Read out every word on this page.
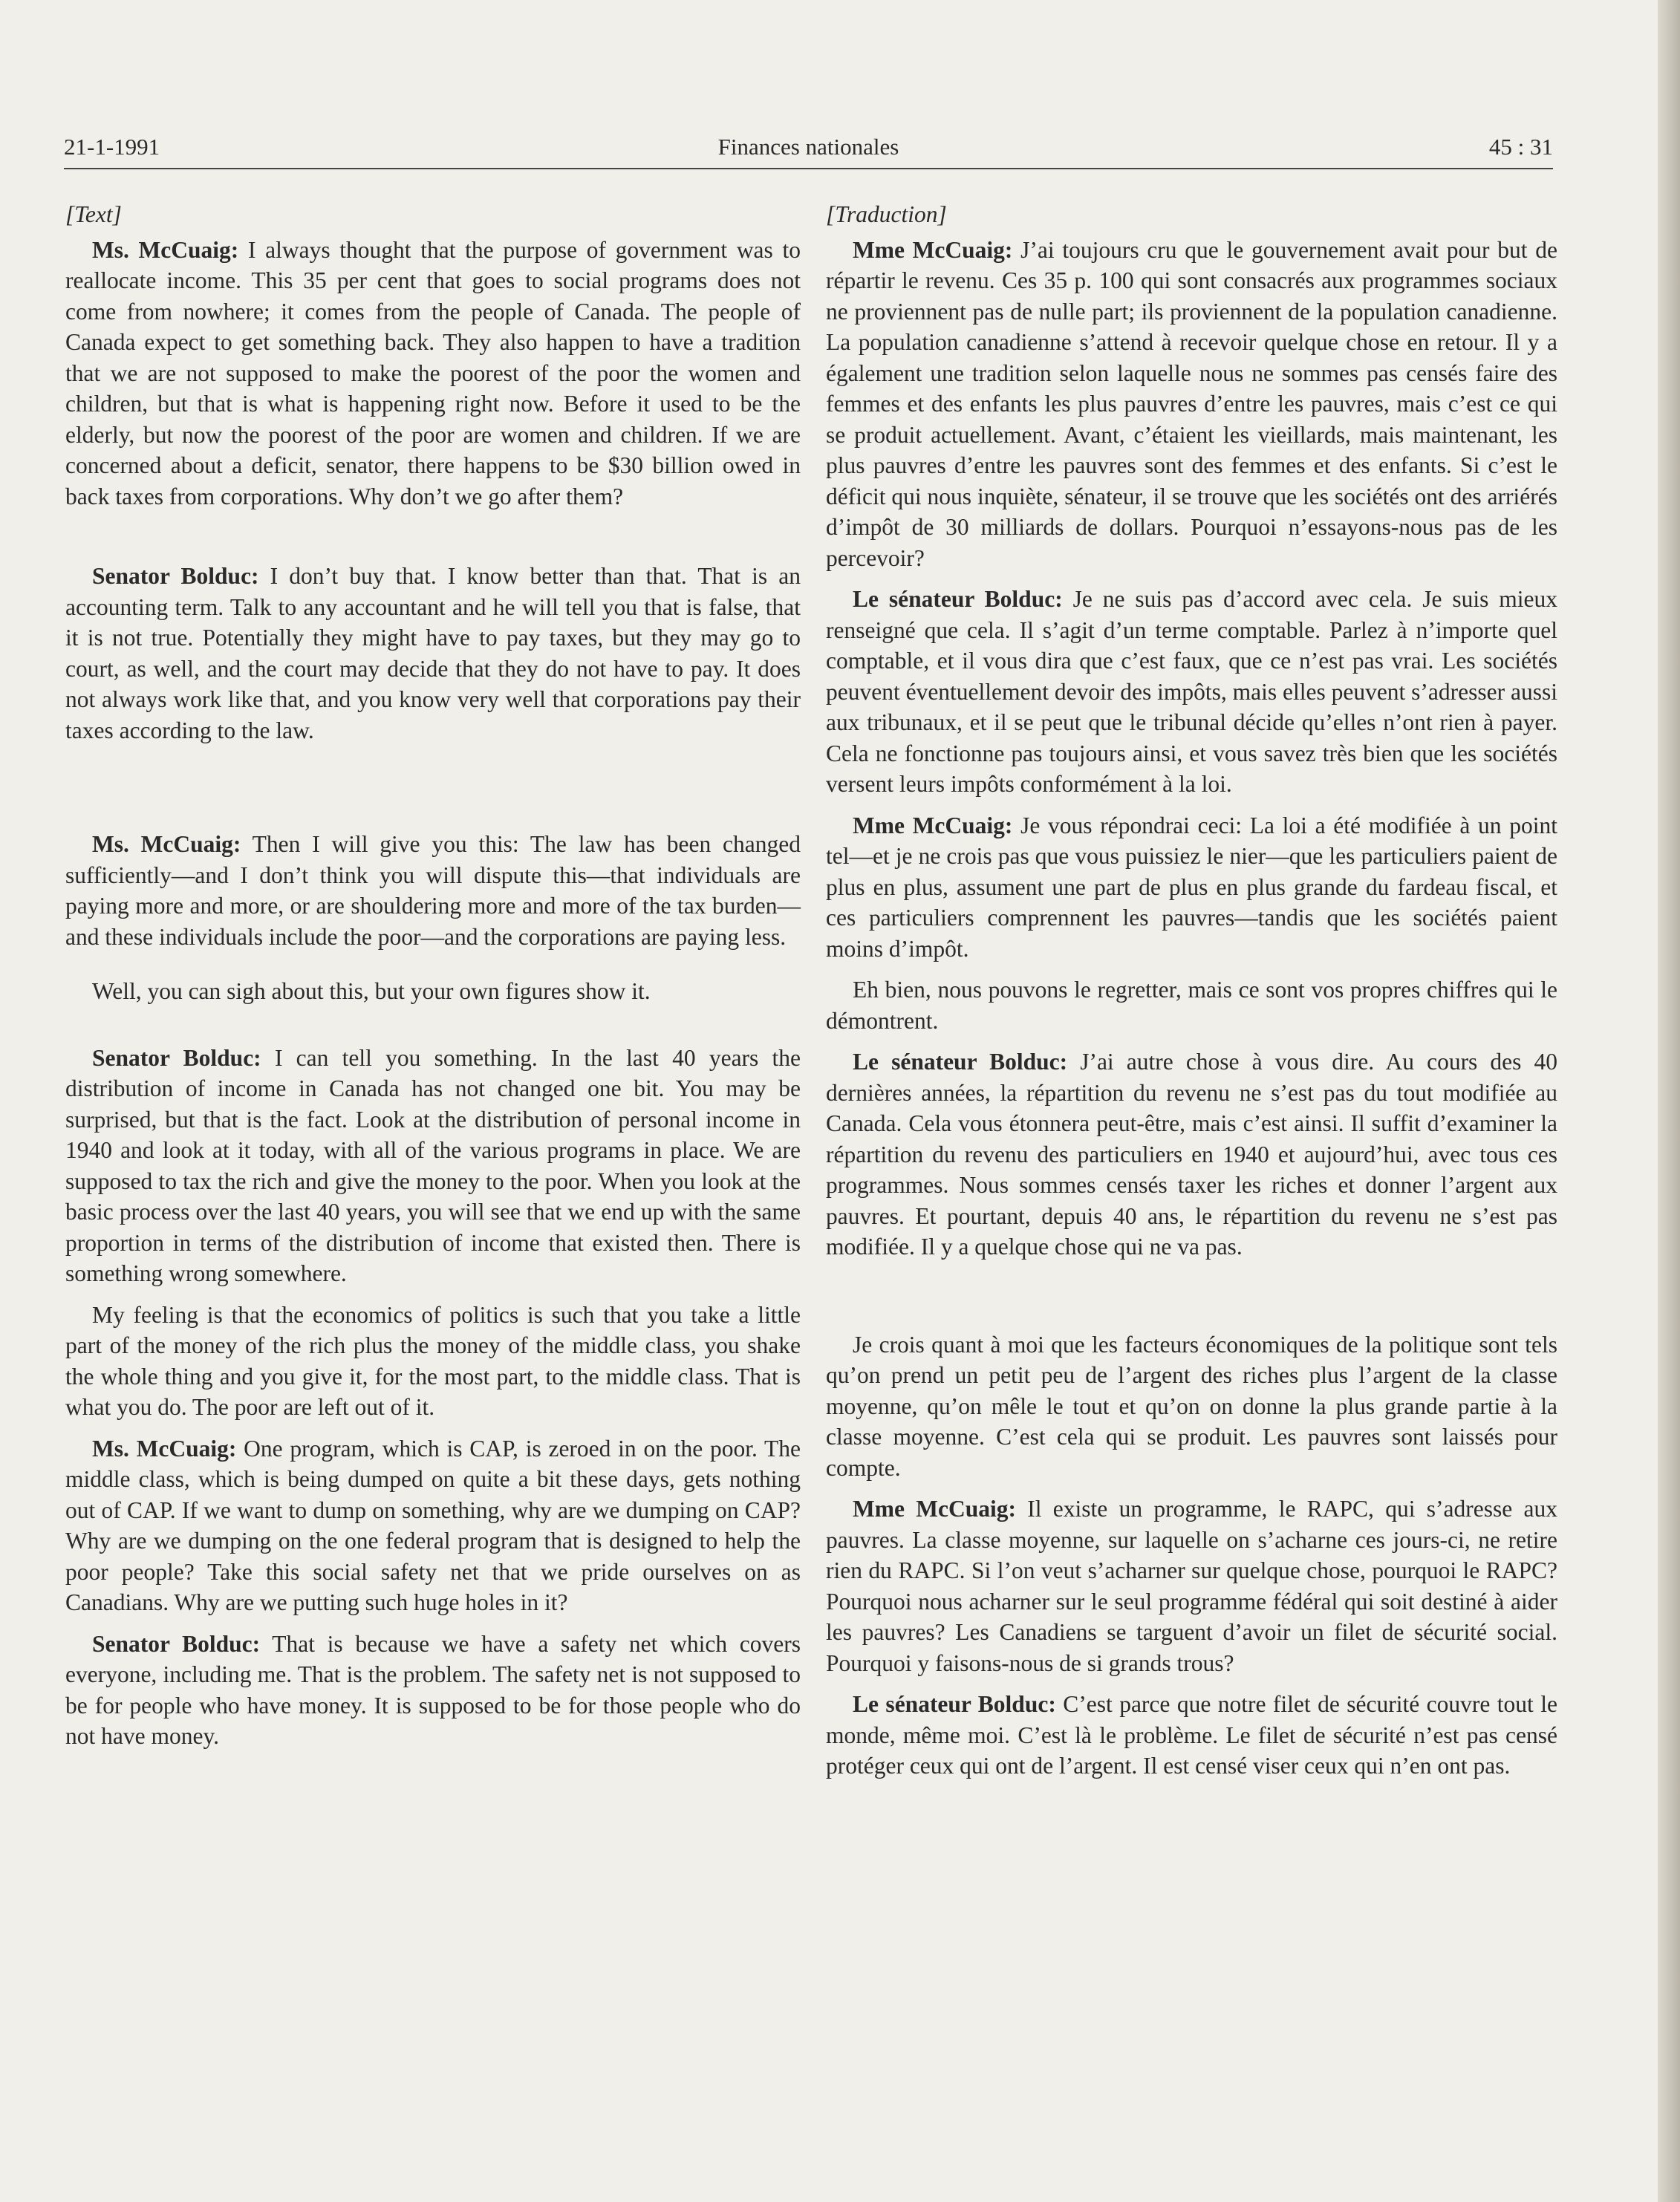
21-1-1991	Finances nationales	45 : 31

[Text]

Ms. McCuaig: I always thought that the purpose of government was to reallocate income. This 35 per cent that goes to social programs does not come from nowhere; it comes from the people of Canada. The people of Canada expect to get something back. They also happen to have a tradition that we are not supposed to make the poorest of the poor the women and children, but that is what is happening right now. Before it used to be the elderly, but now the poorest of the poor are women and children. If we are concerned about a deficit, senator, there happens to be $30 billion owed in back taxes from corporations. Why don’t we go after them?

Senator Bolduc: I don’t buy that. I know better than that. That is an accounting term. Talk to any accountant and he will tell you that is false, that it is not true. Potentially they might have to pay taxes, but they may go to court, as well, and the court may decide that they do not have to pay. It does not always work like that, and you know very well that corporations pay their taxes according to the law.

Ms. McCuaig: Then I will give you this: The law has been changed sufficiently—and I don’t think you will dispute this—that individuals are paying more and more, or are shouldering more and more of the tax burden—and these individuals include the poor—and the corporations are paying less.

Well, you can sigh about this, but your own figures show it.

Senator Bolduc: I can tell you something. In the last 40 years the distribution of income in Canada has not changed one bit. You may be surprised, but that is the fact. Look at the distribution of personal income in 1940 and look at it today, with all of the various programs in place. We are supposed to tax the rich and give the money to the poor. When you look at the basic process over the last 40 years, you will see that we end up with the same proportion in terms of the distribution of income that existed then. There is something wrong somewhere.

My feeling is that the economics of politics is such that you take a little part of the money of the rich plus the money of the middle class, you shake the whole thing and you give it, for the most part, to the middle class. That is what you do. The poor are left out of it.

Ms. McCuaig: One program, which is CAP, is zeroed in on the poor. The middle class, which is being dumped on quite a bit these days, gets nothing out of CAP. If we want to dump on something, why are we dumping on CAP? Why are we dumping on the one federal program that is designed to help the poor people? Take this social safety net that we pride ourselves on as Canadians. Why are we putting such huge holes in it?

Senator Bolduc: That is because we have a safety net which covers everyone, including me. That is the problem. The safety net is not supposed to be for people who have money. It is supposed to be for those people who do not have money.

[Traduction]

Mme McCuaig: J’ai toujours cru que le gouvernement avait pour but de répartir le revenu. Ces 35 p. 100 qui sont consacrés aux programmes sociaux ne proviennent pas de nulle part; ils proviennent de la population canadienne. La population canadienne s’attend à recevoir quelque chose en retour. Il y a également une tradition selon laquelle nous ne sommes pas censés faire des femmes et des enfants les plus pauvres d’entre les pauvres, mais c’est ce qui se produit actuellement. Avant, c’étaient les vieillards, mais maintenant, les plus pauvres d’entre les pauvres sont des femmes et des enfants. Si c’est le déficit qui nous inquiète, sénateur, il se trouve que les sociétés ont des arriérés d’impôt de 30 milliards de dollars. Pourquoi n’essayons-nous pas de les percevoir?

Le sénateur Bolduc: Je ne suis pas d’accord avec cela. Je suis mieux renseigné que cela. Il s’agit d’un terme comptable. Parlez à n’importe quel comptable, et il vous dira que c’est faux, que ce n’est pas vrai. Les sociétés peuvent éventuellement devoir des impôts, mais elles peuvent s’adresser aussi aux tribunaux, et il se peut que le tribunal décide qu’elles n’ont rien à payer. Cela ne fonctionne pas toujours ainsi, et vous savez très bien que les sociétés versent leurs impôts conformément à la loi.

Mme McCuaig: Je vous répondrai ceci: La loi a été modifiée à un point tel—et je ne crois pas que vous puissiez le nier—que les particuliers paient de plus en plus, assument une part de plus en plus grande du fardeau fiscal, et ces particuliers comprennent les pauvres—tandis que les sociétés paient moins d’impôt.

Eh bien, nous pouvons le regretter, mais ce sont vos propres chiffres qui le démontrent.

Le sénateur Bolduc: J’ai autre chose à vous dire. Au cours des 40 dernières années, la répartition du revenu ne s’est pas du tout modifiée au Canada. Cela vous étonnera peut-être, mais c’est ainsi. Il suffit d’examiner la répartition du revenu des particuliers en 1940 et aujourd’hui, avec tous ces programmes. Nous sommes censés taxer les riches et donner l’argent aux pauvres. Et pourtant, depuis 40 ans, le répartition du revenu ne s’est pas modifiée. Il y a quelque chose qui ne va pas.

Je crois quant à moi que les facteurs économiques de la politique sont tels qu’on prend un petit peu de l’argent des riches plus l’argent de la classe moyenne, qu’on mêle le tout et qu’on on donne la plus grande partie à la classe moyenne. C’est cela qui se produit. Les pauvres sont laissés pour compte.

Mme McCuaig: Il existe un programme, le RAPC, qui s’adresse aux pauvres. La classe moyenne, sur laquelle on s’acharne ces jours-ci, ne retire rien du RAPC. Si l’on veut s’acharner sur quelque chose, pourquoi le RAPC? Pourquoi nous acharner sur le seul programme fédéral qui soit destiné à aider les pauvres? Les Canadiens se targuent d’avoir un filet de sécurité social. Pourquoi y faisons-nous de si grands trous?

Le sénateur Bolduc: C’est parce que notre filet de sécurité couvre tout le monde, même moi. C’est là le problème. Le filet de sécurité n’est pas censé protéger ceux qui ont de l’argent. Il est censé viser ceux qui n’en ont pas.
